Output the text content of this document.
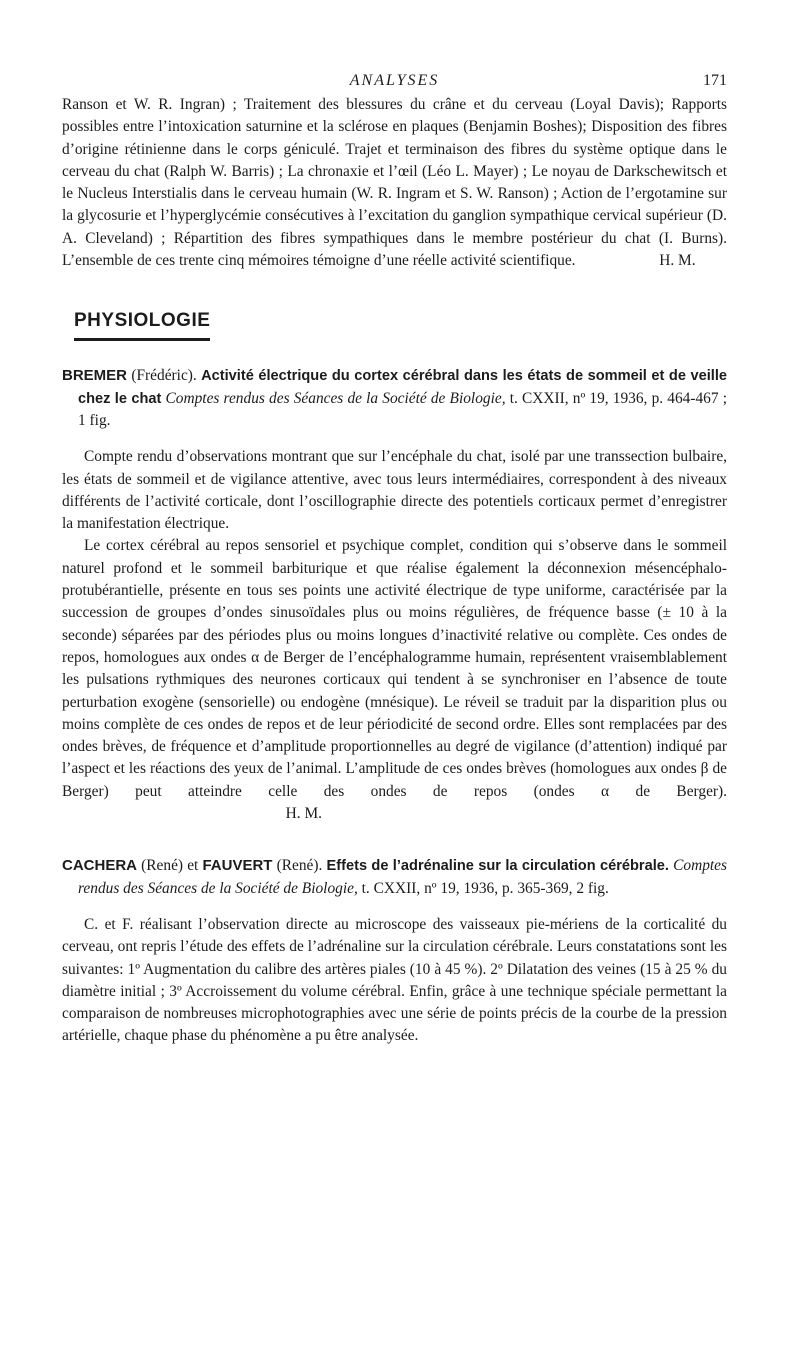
ANALYSES	171

Ranson et W. R. Ingran) ; Traitement des blessures du crâne et du cerveau (Loyal Davis); Rapports possibles entre l’intoxication saturnine et la sclérose en plaques (Benjamin Boshes); Disposition des fibres d’origine rétinienne dans le corps géniculé. Trajet et terminaison des fibres du système optique dans le cerveau du chat (Ralph W. Barris) ; La chronaxie et l’œil (Léo L. Mayer) ; Le noyau de Darkschewitsch et le Nucleus Interstialis dans le cerveau humain (W. R. Ingram et S. W. Ranson) ; Action de l’ergotamine sur la glycosurie et l’hyperglycémie consécutives à l’excitation du ganglion sympathique cervical supérieur (D. A. Cleveland) ; Répartition des fibres sympathiques dans le membre postérieur du chat (I. Burns). L’ensemble de ces trente cinq mémoires témoigne d’une réelle activité scientifique.	H. M.

PHYSIOLOGIE

BREMER (Frédéric). Activité électrique du cortex cérébral dans les états de sommeil et de veille chez le chat Comptes rendus des Séances de la Société de Biologie, t. CXXII, nº 19, 1936, p. 464-467 ; 1 fig.

Compte rendu d’observations montrant que sur l’encéphale du chat, isolé par une transsection bulbaire, les états de sommeil et de vigilance attentive, avec tous leurs intermédiaires, correspondent à des niveaux différents de l’activité corticale, dont l’oscillographie directe des potentiels corticaux permet d’enregistrer la manifestation électrique.

Le cortex cérébral au repos sensoriel et psychique complet, condition qui s’observe dans le sommeil naturel profond et le sommeil barbiturique et que réalise également la déconnexion mésencéphalo-protubérantielle, présente en tous ses points une activité électrique de type uniforme, caractérisée par la succession de groupes d’ondes sinusoïdales plus ou moins régulières, de fréquence basse (± 10 à la seconde) séparées par des périodes plus ou moins longues d’inactivité relative ou complète. Ces ondes de repos, homologues aux ondes α de Berger de l’encéphalogramme humain, représentent vraisemblablement les pulsations rythmiques des neurones corticaux qui tendent à se synchroniser en l’absence de toute perturbation exogène (sensorielle) ou endogène (mnésique). Le réveil se traduit par la disparition plus ou moins complète de ces ondes de repos et de leur périodicité de second ordre. Elles sont remplacées par des ondes brèves, de fréquence et d’amplitude proportionnelles au degré de vigilance (d’attention) indiqué par l’aspect et les réactions des yeux de l’animal. L’amplitude de ces ondes brèves (homologues aux ondes β de Berger) peut atteindre celle des ondes de repos (ondes α de Berger).H. M.

CACHERA (René) et FAUVERT (René). Effets de l’adrénaline sur la circulation cérébrale. Comptes rendus des Séances de la Société de Biologie, t. CXXII, nº 19, 1936, p. 365-369, 2 fig.

C. et F. réalisant l’observation directe au microscope des vaisseaux pie-mériens de la corticalité du cerveau, ont repris l’étude des effets de l’adrénaline sur la circulation cérébrale. Leurs constatations sont les suivantes: 1º Augmentation du calibre des artères piales (10 à 45 %). 2º Dilatation des veines (15 à 25 % du diamètre initial ; 3º Accroissement du volume cérébral. Enfin, grâce à une technique spéciale permettant la comparaison de nombreuses microphotographies avec une série de points précis de la courbe de la pression artérielle, chaque phase du phénomène a pu être analysée.
